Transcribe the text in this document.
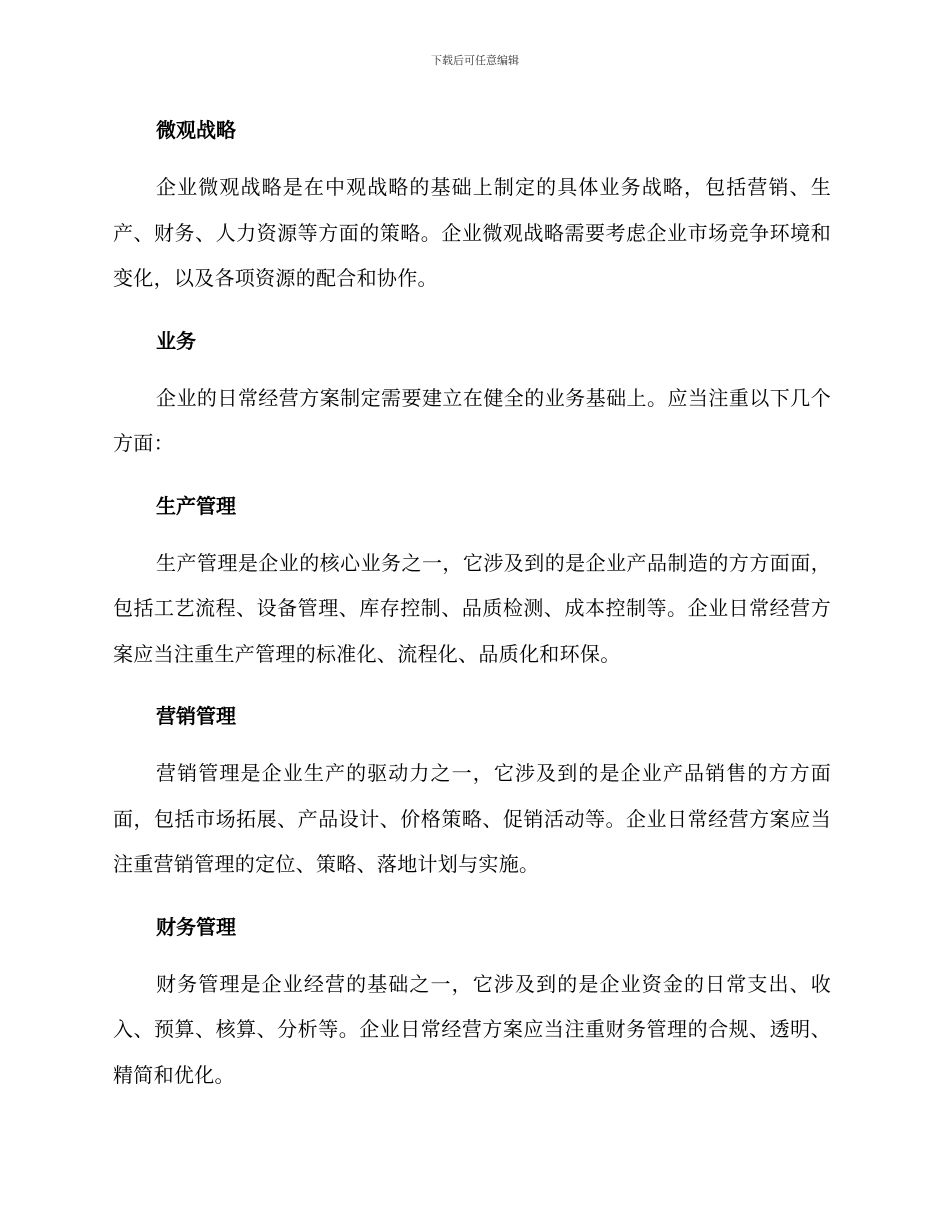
下载后可任意编辑
微观战略

企业微观战略是在中观战略的基础上制定的具体业务战略，包括营销、生产、财务、人力资源等方面的策略。企业微观战略需要考虑企业市场竞争环境和变化，以及各项资源的配合和协作。

业务

企业的日常经营方案制定需要建立在健全的业务基础上。应当注重以下几个方面：

生产管理

生产管理是企业的核心业务之一，它涉及到的是企业产品制造的方方面面，包括工艺流程、设备管理、库存控制、品质检测、成本控制等。企业日常经营方案应当注重生产管理的标准化、流程化、品质化和环保。

营销管理

营销管理是企业生产的驱动力之一，它涉及到的是企业产品销售的方方面面，包括市场拓展、产品设计、价格策略、促销活动等。企业日常经营方案应当注重营销管理的定位、策略、落地计划与实施。

财务管理

财务管理是企业经营的基础之一，它涉及到的是企业资金的日常支出、收入、预算、核算、分析等。企业日常经营方案应当注重财务管理的合规、透明、精简和优化。
